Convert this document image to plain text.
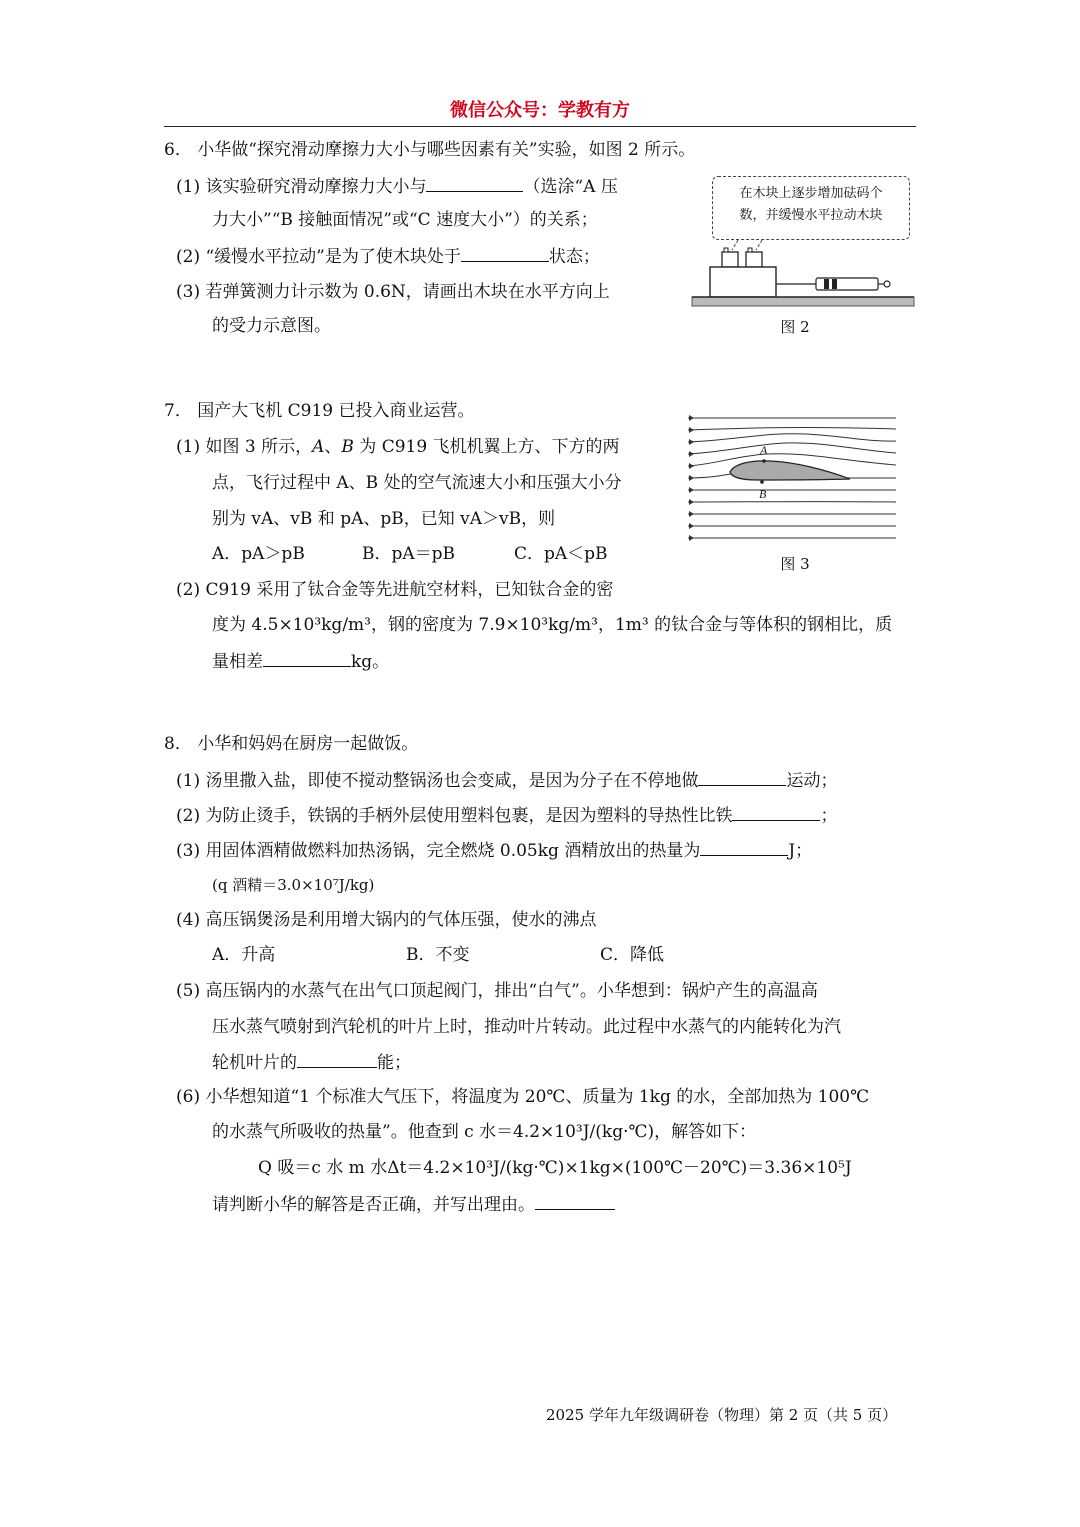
微信公众号：学教有方
6． 小华做“探究滑动摩擦力大小与哪些因素有关”实验，如图 2 所示。
(1) 该实验研究滑动摩擦力大小与	（选涂“A 压
力大小”“B 接触面情况”或“C 速度大小”）的关系；
(2) “缓慢水平拉动”是为了使木块处于	状态；
(3) 若弹簧测力计示数为 0.6N，请画出木块在水平方向上
的受力示意图。
在木块上逐步增加砝码个
数，并缓慢水平拉动木块
图 2
7． 国产大飞机 C919 已投入商业运营。
(1) 如图 3 所示，A、B 为 C919 飞机机翼上方、下方的两
点，飞行过程中 A、B 处的空气流速大小和压强大小分
别为 vA、vB 和 pA、pB，已知 vA＞vB，则
A．pA＞pB	B．pA＝pB	C．pA＜pB
A
B
图 3
(2) C919 采用了钛合金等先进航空材料，已知钛合金的密
度为 4.5×10³kg/m³，钢的密度为 7.9×10³kg/m³，1m³ 的钛合金与等体积的钢相比，质
量相差	kg。
8． 小华和妈妈在厨房一起做饭。
(1) 汤里撒入盐，即使不搅动整锅汤也会变咸，是因为分子在不停地做	运动；
(2) 为防止烫手，铁锅的手柄外层使用塑料包裹，是因为塑料的导热性比铁	；
(3) 用固体酒精做燃料加热汤锅，完全燃烧 0.05kg 酒精放出的热量为	J；
(q 酒精＝3.0×10⁷J/kg)
(4) 高压锅煲汤是利用增大锅内的气体压强，使水的沸点
A．升高	B．不变	C．降低
(5) 高压锅内的水蒸气在出气口顶起阀门，排出“白气”。小华想到：锅炉产生的高温高
压水蒸气喷射到汽轮机的叶片上时，推动叶片转动。此过程中水蒸气的内能转化为汽
轮机叶片的	能；
(6) 小华想知道“1 个标准大气压下，将温度为 20℃、质量为 1kg 的水，全部加热为 100℃
的水蒸气所吸收的热量”。他查到 c 水＝4.2×10³J/(kg·℃)，解答如下：
Q 吸＝c 水 m 水Δt＝4.2×10³J/(kg·℃)×1kg×(100℃－20℃)＝3.36×10⁵J
请判断小华的解答是否正确，并写出理由。
2025 学年九年级调研卷（物理）第 2 页（共 5 页）
